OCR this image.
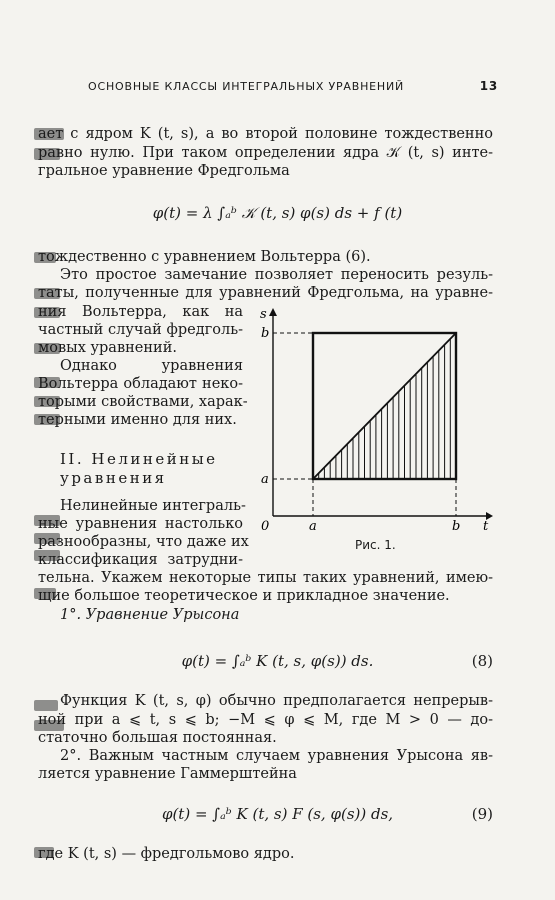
ОСНОВНЫЕ КЛАССЫ ИНТЕГРАЛЬНЫХ УРАВНЕНИЙ	13
ает с ядром K (t, s), а во второй половине тождественно
равно нулю. При таком определении ядра 𝒦 (t, s) инте-
гральное уравнение Фредгольма
φ(t) = λ ∫ₐᵇ 𝒦 (t, s) φ(s) ds + f (t)
тождественно с уравнением Вольтерра (6).
Это простое замечание позволяет переносить резуль-
таты, полученные для уравнений Фредгольма, на уравне-
ния Вольтерра, как на
частный случай фредголь-
мовых уравнений.
Однако уравнения
Вольтерра обладают неко-
торыми свойствами, харак-
терными именно для них.
II. Нелинейные
уравнения
Нелинейные интеграль-
ные уравнения настолько
разнообразны, что даже их
классификация затрудни-
тельна. Укажем некоторые типы таких уравнений, имею-
щие большое теоретическое и прикладное значение.
1°. Уравнение Урысона
φ(t) = ∫ₐᵇ K (t, s, φ(s)) ds.	(8)
Функция K (t, s, φ) обычно предполагается непрерыв-
ной при a ⩽ t, s ⩽ b; −M ⩽ φ ⩽ M, где M > 0 — до-
статочно большая постоянная.
2°. Важным частным случаем уравнения Урысона яв-
ляется уравнение Гаммерштейна
φ(t) = ∫ₐᵇ K (t, s) F (s, φ(s)) ds,	(9)
где K (t, s) — фредгольмово ядро.
s
t
0	a	b
b
a
Рис. 1.
